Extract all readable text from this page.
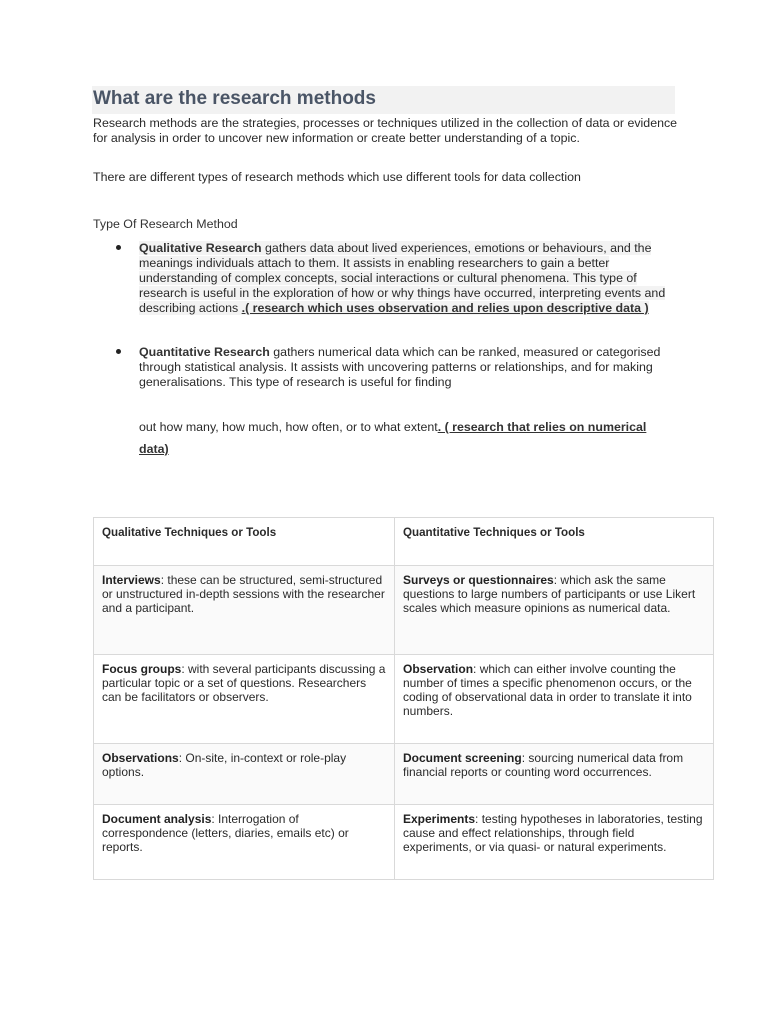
What are the research methods
Research methods are the strategies, processes or techniques utilized in the collection of data or evidence for analysis in order to uncover new information or create better understanding of a topic.
There are different types of research methods which use different tools for data collection
Type Of Research Method
Qualitative Research gathers data about lived experiences, emotions or behaviours, and the meanings individuals attach to them. It assists in enabling researchers to gain a better understanding of complex concepts, social interactions or cultural phenomena. This type of research is useful in the exploration of how or why things have occurred, interpreting events and describing actions .( research which uses observation and relies upon descriptive data )
Quantitative Research gathers numerical data which can be ranked, measured or categorised through statistical analysis. It assists with uncovering patterns or relationships, and for making generalisations. This type of research is useful for finding
out how many, how much, how often, or to what extent. ( research that relies on numerical data)
Qualitative Techniques or Tools	Quantitative Techniques or Tools
Interviews: these can be structured, semi-structured or unstructured in-depth sessions with the researcher and a participant.	Surveys or questionnaires: which ask the same questions to large numbers of participants or use Likert scales which measure opinions as numerical data.
Focus groups: with several participants discussing a particular topic or a set of questions. Researchers can be facilitators or observers.	Observation: which can either involve counting the number of times a specific phenomenon occurs, or the coding of observational data in order to translate it into numbers.
Observations: On-site, in-context or role-play options.	Document screening: sourcing numerical data from financial reports or counting word occurrences.
Document analysis: Interrogation of correspondence (letters, diaries, emails etc) or reports.	Experiments: testing hypotheses in laboratories, testing cause and effect relationships, through field experiments, or via quasi- or natural experiments.
